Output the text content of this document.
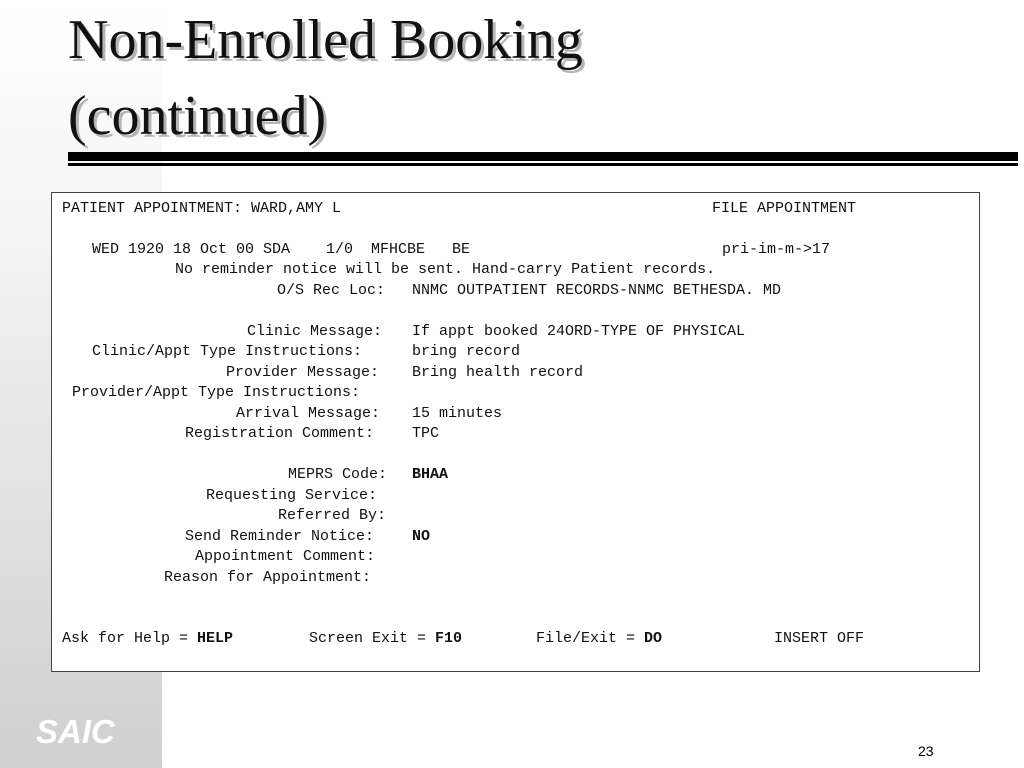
Non-Enrolled Booking
(continued)
PATIENT APPOINTMENT: WARD,AMY L	FILE APPOINTMENT
WED 1920 18 Oct 00 SDA    1/0  MFHCBE   BE	pri-im-m->17
No reminder notice will be sent. Hand-carry Patient records.
O/S Rec Loc: NNMC OUTPATIENT RECORDS-NNMC BETHESDA. MD
Clinic Message: If appt booked 24ORD-TYPE OF PHYSICAL
Clinic/Appt Type Instructions:	bring record
Provider Message: Bring health record
Provider/Appt Type Instructions:
Arrival Message: 15 minutes
Registration Comment:	TPC
MEPRS Code: BHAA
Requesting Service:
Referred By:
Send Reminder Notice:	NO
Appointment Comment:
Reason for Appointment:
Ask for Help = HELP	Screen Exit = F10	File/Exit = DO	INSERT OFF
SAIC
23
